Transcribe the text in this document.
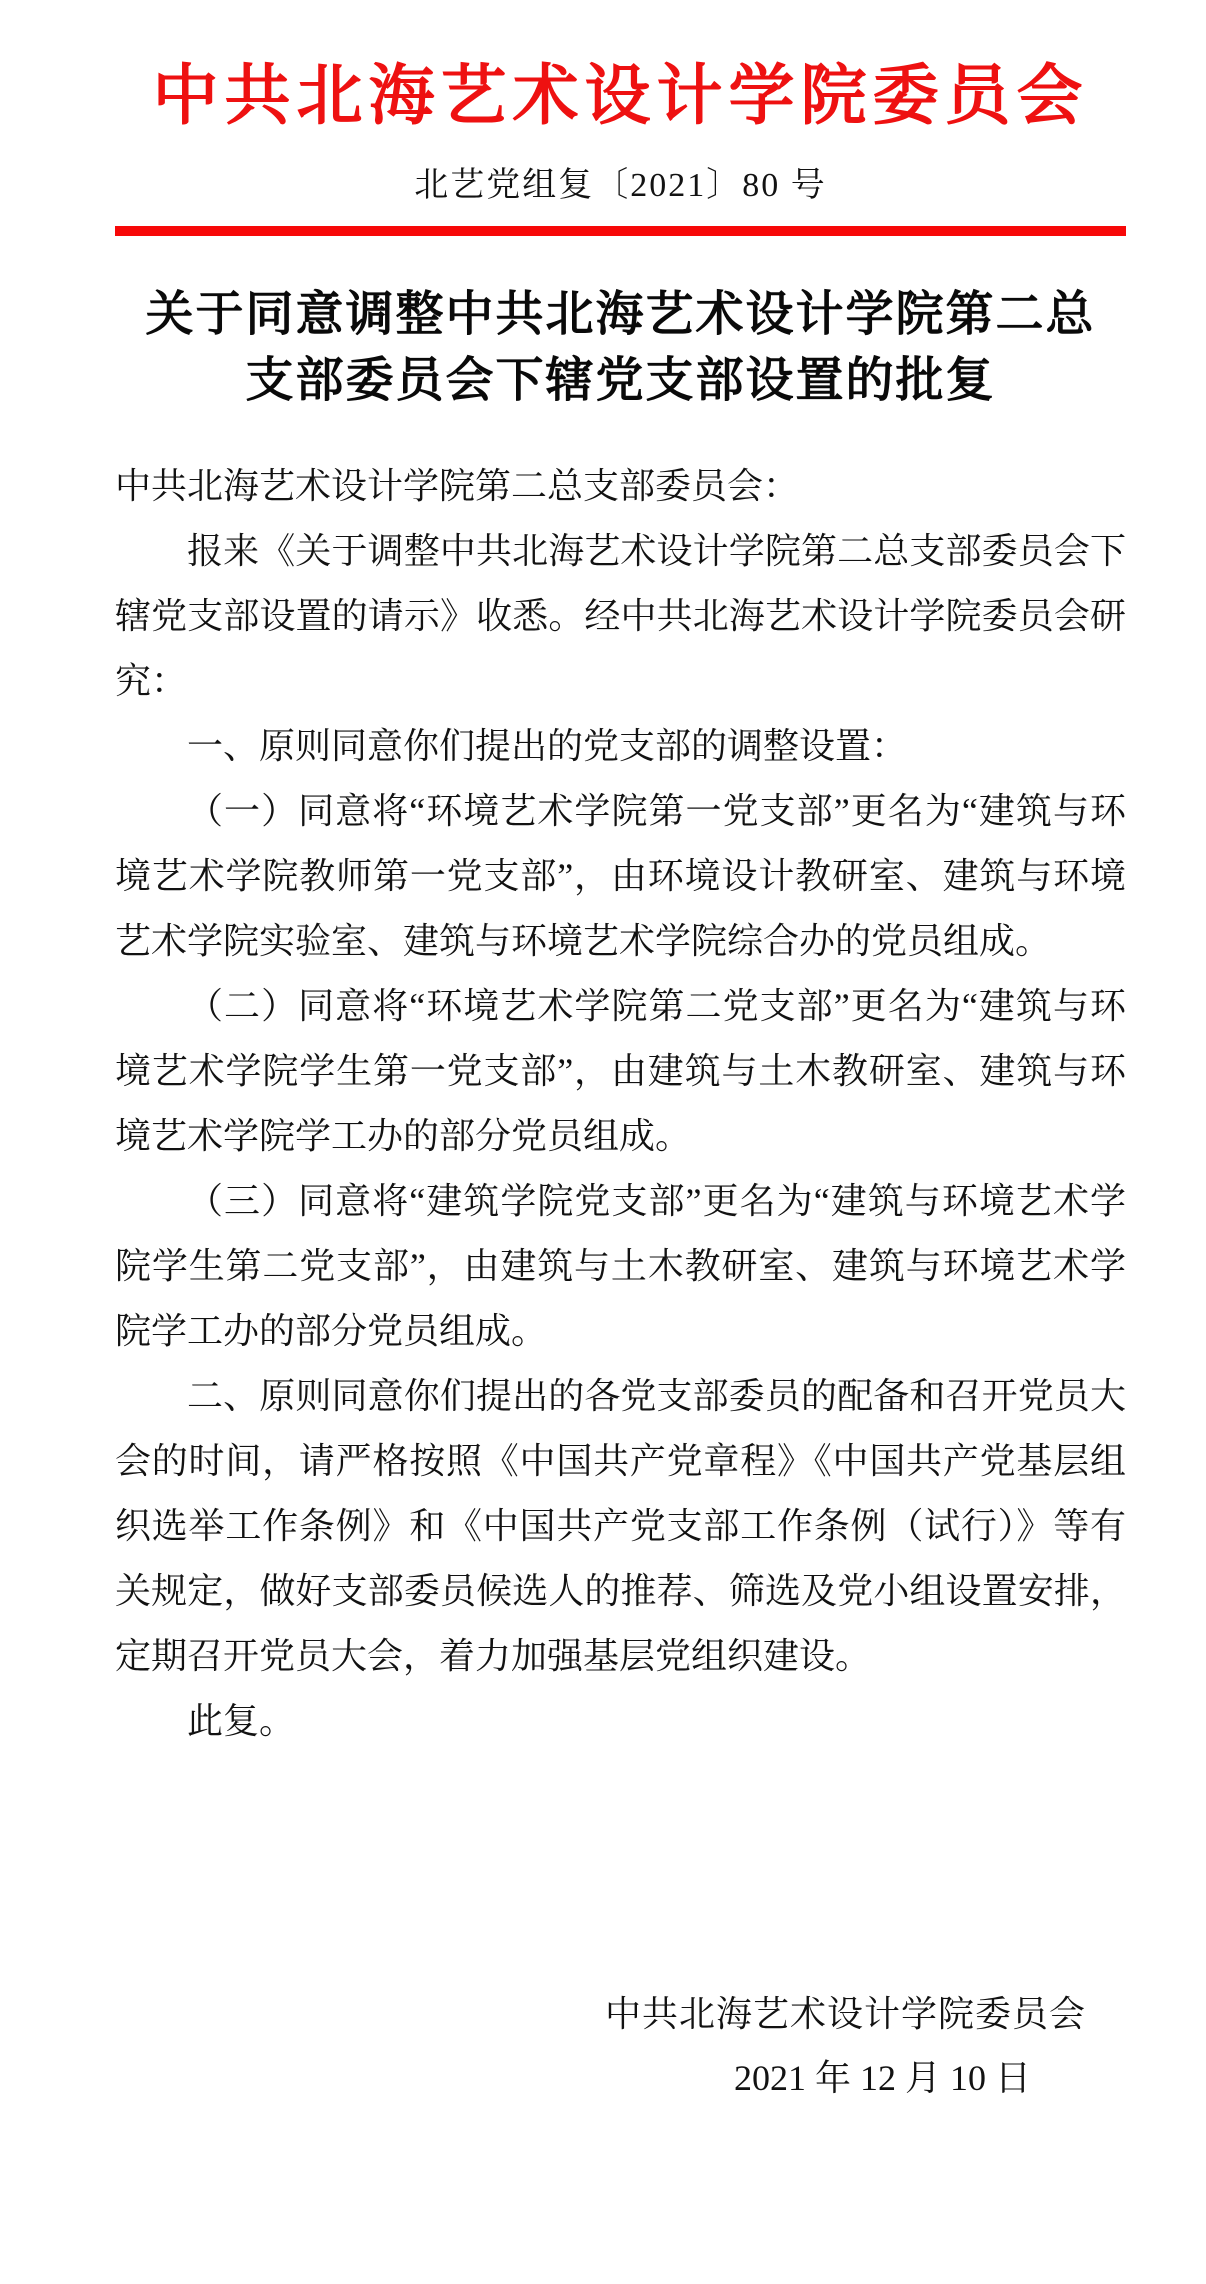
中共北海艺术设计学院委员会
北艺党组复〔2021〕80 号
关于同意调整中共北海艺术设计学院第二总
支部委员会下辖党支部设置的批复

中共北海艺术设计学院第二总支部委员会：

报来《关于调整中共北海艺术设计学院第二总支部委员会下辖党支部设置的请示》收悉。经中共北海艺术设计学院委员会研究：

一、原则同意你们提出的党支部的调整设置：

（一）同意将“环境艺术学院第一党支部”更名为“建筑与环境艺术学院教师第一党支部”，由环境设计教研室、建筑与环境艺术学院实验室、建筑与环境艺术学院综合办的党员组成。

（二）同意将“环境艺术学院第二党支部”更名为“建筑与环境艺术学院学生第一党支部”，由建筑与土木教研室、建筑与环境艺术学院学工办的部分党员组成。

（三）同意将“建筑学院党支部”更名为“建筑与环境艺术学院学生第二党支部”，由建筑与土木教研室、建筑与环境艺术学院学工办的部分党员组成。

二、原则同意你们提出的各党支部委员的配备和召开党员大会的时间，请严格按照《中国共产党章程》《中国共产党基层组织选举工作条例》和《中国共产党支部工作条例（试行）》等有关规定，做好支部委员候选人的推荐、筛选及党小组设置安排，定期召开党员大会，着力加强基层党组织建设。

此复。

中共北海艺术设计学院委员会
2021 年 12 月 10 日
